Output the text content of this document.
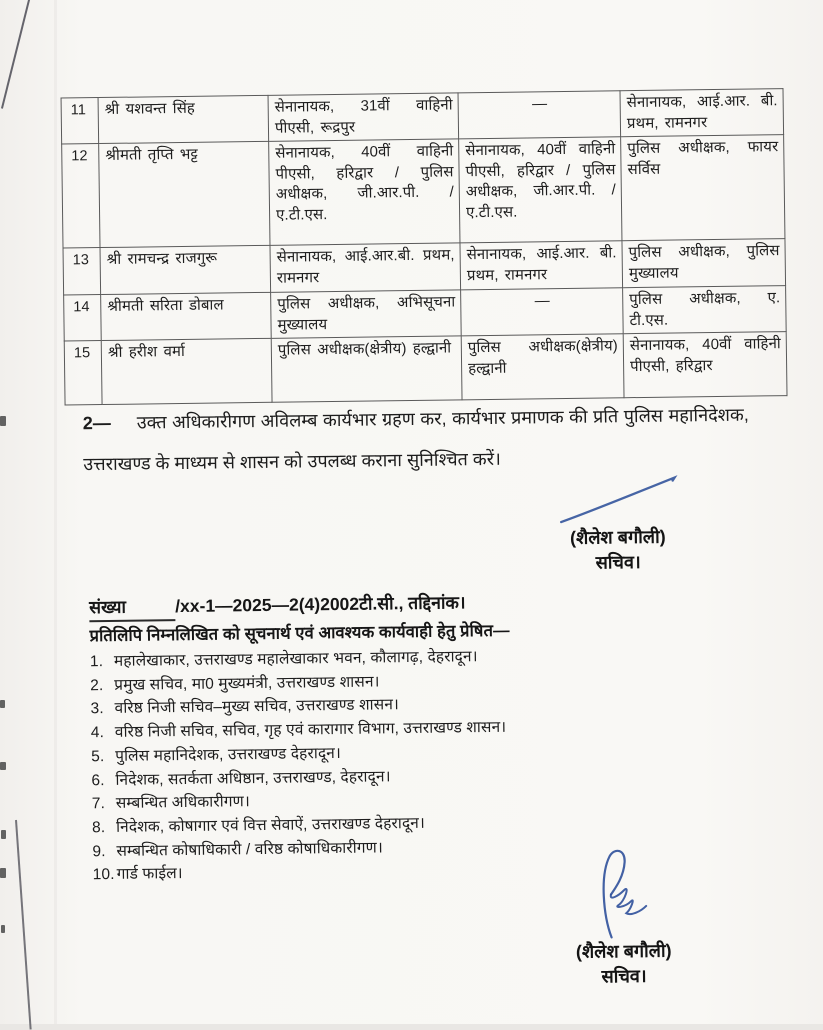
11	श्री यशवन्त सिंह	सेनानायक, 31वीं वाहिनी पीएसी, रूद्रपुर	—	सेनानायक, आई.आर. बी. प्रथम, रामनगर
12	श्रीमती तृप्ति भट्ट	सेनानायक, 40वीं वाहिनी पीएसी, हरिद्वार / पुलिस अधीक्षक, जी.आर.पी. / ए.टी.एस.	सेनानायक, 40वीं वाहिनी पीएसी, हरिद्वार / पुलिस अधीक्षक, जी.आर.पी. / ए.टी.एस.	पुलिस अधीक्षक, फायर सर्विस
13	श्री रामचन्द्र राजगुरू	सेनानायक, आई.आर.बी. प्रथम, रामनगर	सेनानायक, आई.आर. बी. प्रथम, रामनगर	पुलिस अधीक्षक, पुलिस मुख्यालय
14	श्रीमती सरिता डोबाल	पुलिस अधीक्षक, अभिसूचना मुख्यालय	—	पुलिस अधीक्षक, ए. टी.एस.
15	श्री हरीश वर्मा	पुलिस अधीक्षक(क्षेत्रीय) हल्द्वानी	पुलिस अधीक्षक(क्षेत्रीय) हल्द्वानी	सेनानायक, 40वीं वाहिनी पीएसी, हरिद्वार
2— उक्त अधिकारीगण अविलम्ब कार्यभार ग्रहण कर, कार्यभार प्रमाणक की प्रति पुलिस महानिदेशक, उत्तराखण्ड के माध्यम से शासन को उपलब्ध कराना सुनिश्चित करें।
(शैलेश बगौली)
सचिव।
संख्या	/xx-1—2025—2(4)2002टी.सी., तद्दिनांक।
प्रतिलिपि निम्नलिखित को सूचनार्थ एवं आवश्यक कार्यवाही हेतु प्रेषित—
1. महालेखाकार, उत्तराखण्ड महालेखाकार भवन, कौलागढ़, देहरादून।
2. प्रमुख सचिव, मा0 मुख्यमंत्री, उत्तराखण्ड शासन।
3. वरिष्ठ निजी सचिव–मुख्य सचिव, उत्तराखण्ड शासन।
4. वरिष्ठ निजी सचिव, सचिव, गृह एवं कारागार विभाग, उत्तराखण्ड शासन।
5. पुलिस महानिदेशक, उत्तराखण्ड देहरादून।
6. निदेशक, सतर्कता अधिष्ठान, उत्तराखण्ड, देहरादून।
7. सम्बन्धित अधिकारीगण।
8. निदेशक, कोषागार एवं वित्त सेवाऐं, उत्तराखण्ड देहरादून।
9. सम्बन्धित कोषाधिकारी / वरिष्ठ कोषाधिकारीगण।
10. गार्ड फाईल।
(शैलेश बगौली)
सचिव।
